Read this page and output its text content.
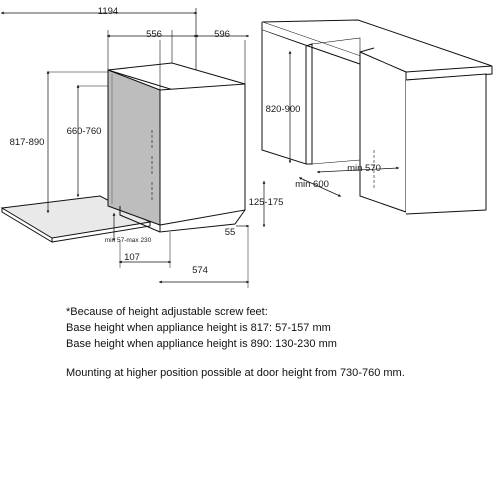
1194
556	596
660-760
817-890
820-900
min 570
min 600
125-175
55
min 57-max 230
107
574

*Because of height adjustable screw feet:

Base height when appliance height is 817: 57-157 mm

Base height when appliance height is 890: 130-230 mm

Mounting at higher position possible at door height from 730-760 mm.
